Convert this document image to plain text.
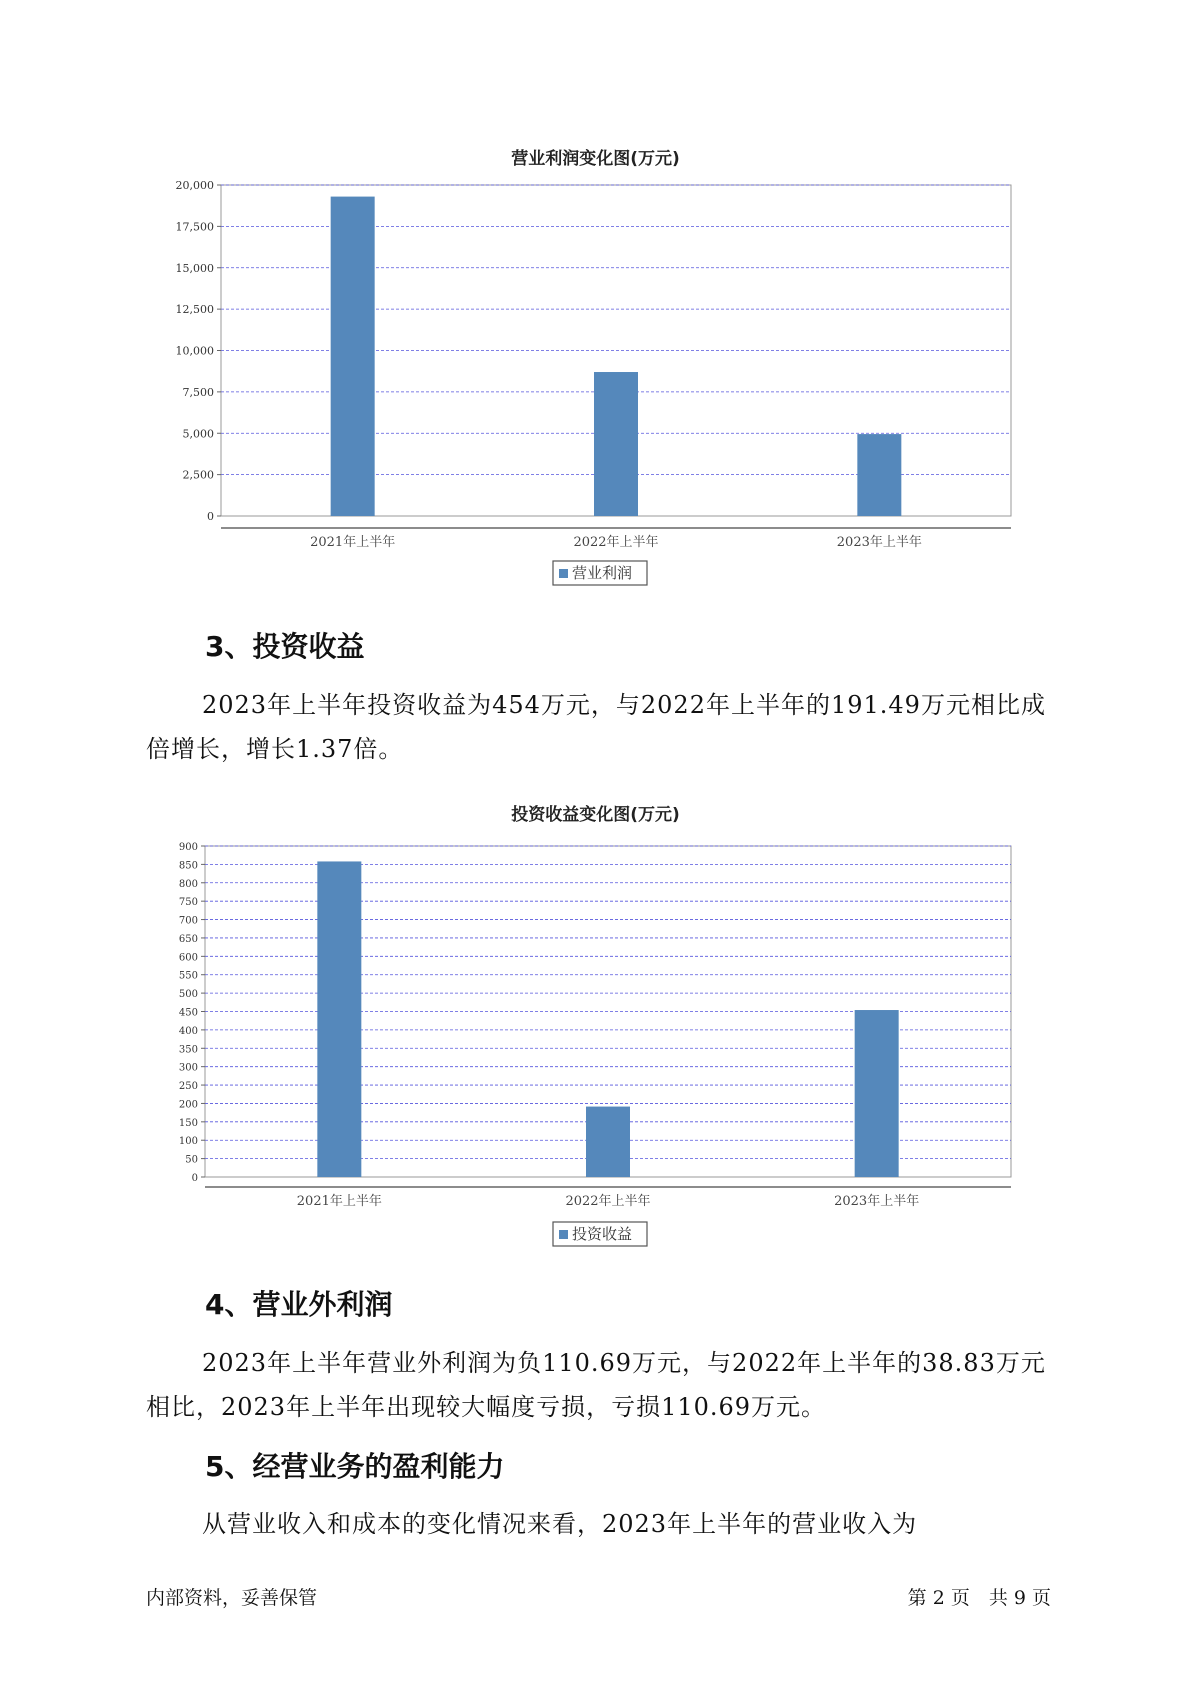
营业利润变化图(万元)
0
2,500
5,000
7,500
10,000
12,500
15,000
17,500
20,000
2021年上半年	2022年上半年	2023年上半年
营业利润
3、投资收益

2023年上半年投资收益为454万元，与2022年上半年的191.49万元相比成倍增长，增长1.37倍。

投资收益变化图(万元)
0
50
100
150
200
250
300
350
400
450
500
550
600
650
700
750
800
850
900
2021年上半年	2022年上半年	2023年上半年
投资收益
4、营业外利润

2023年上半年营业外利润为负110.69万元，与2022年上半年的38.83万元相比，2023年上半年出现较大幅度亏损，亏损110.69万元。

5、经营业务的盈利能力

从营业收入和成本的变化情况来看，2023年上半年的营业收入为

内部资料，妥善保管	第 2 页　共 9 页
